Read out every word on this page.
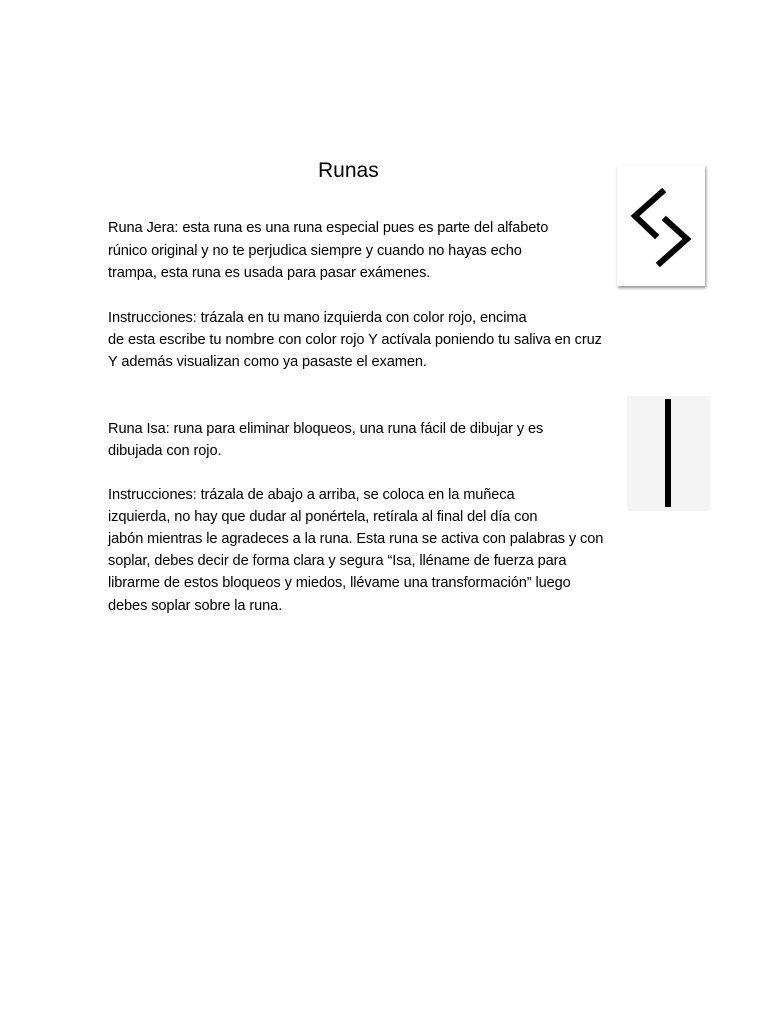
Runas
Runa Jera: esta runa es una runa especial pues es parte del alfabeto
rúnico original y no te perjudica siempre y cuando no hayas echo
trampa, esta runa es usada para pasar exámenes.
Instrucciones: trázala en tu mano izquierda con color rojo, encima
de esta escribe tu nombre con color rojo Y actívala poniendo tu saliva en cruz
Y además visualizan como ya pasaste el examen.
Runa Isa: runa para eliminar bloqueos, una runa fácil de dibujar y es
dibujada con rojo.
Instrucciones: trázala de abajo a arriba, se coloca en la muñeca
izquierda, no hay que dudar al ponértela, retírala al final del día con
jabón mientras le agradeces a la runa. Esta runa se activa con palabras y con
soplar, debes decir de forma clara y segura “Isa, lléname de fuerza para
librarme de estos bloqueos y miedos, llévame una transformación” luego
debes soplar sobre la runa.
